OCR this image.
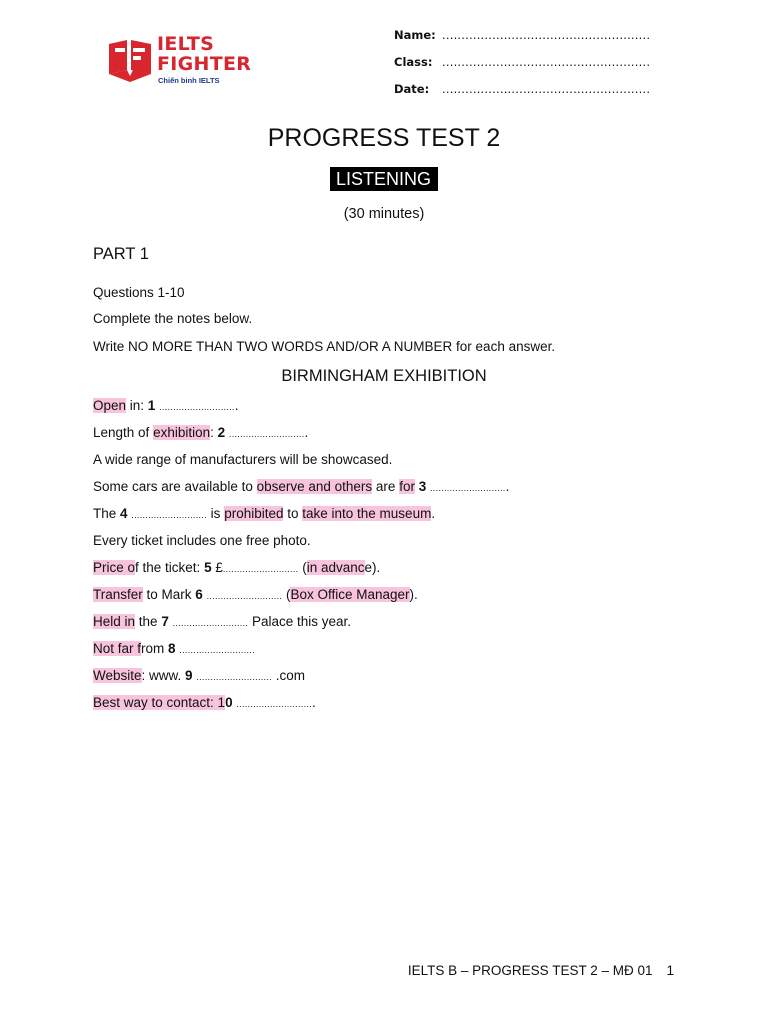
IELTS
FIGHTER
Chiến binh IELTS
Name: ......................................................
Class: ......................................................
Date:	......................................................
PROGRESS TEST 2
LISTENING
(30 minutes)
PART 1
Questions 1-10
Complete the notes below.
Write NO MORE THAN TWO WORDS AND/OR A NUMBER for each answer.
BIRMINGHAM EXHIBITION
Open in: 1 ............................
Length of exhibition: 2 ............................
A wide range of manufacturers will be showcased.
Some cars are available to observe and others are for 3 ............................
The 4 ........................... is prohibited to take into the museum.
Every ticket includes one free photo.
Price of the ticket: 5 £........................... (in advance).
Transfer to Mark 6 ........................... (Box Office Manager).
Held in the 7 ........................... Palace this year.
Not far from 8 ...........................
Website: www. 9 ........................... .com
Best way to contact: 10 ............................
IELTS B – PROGRESS TEST 2 – MĐ 01 1
